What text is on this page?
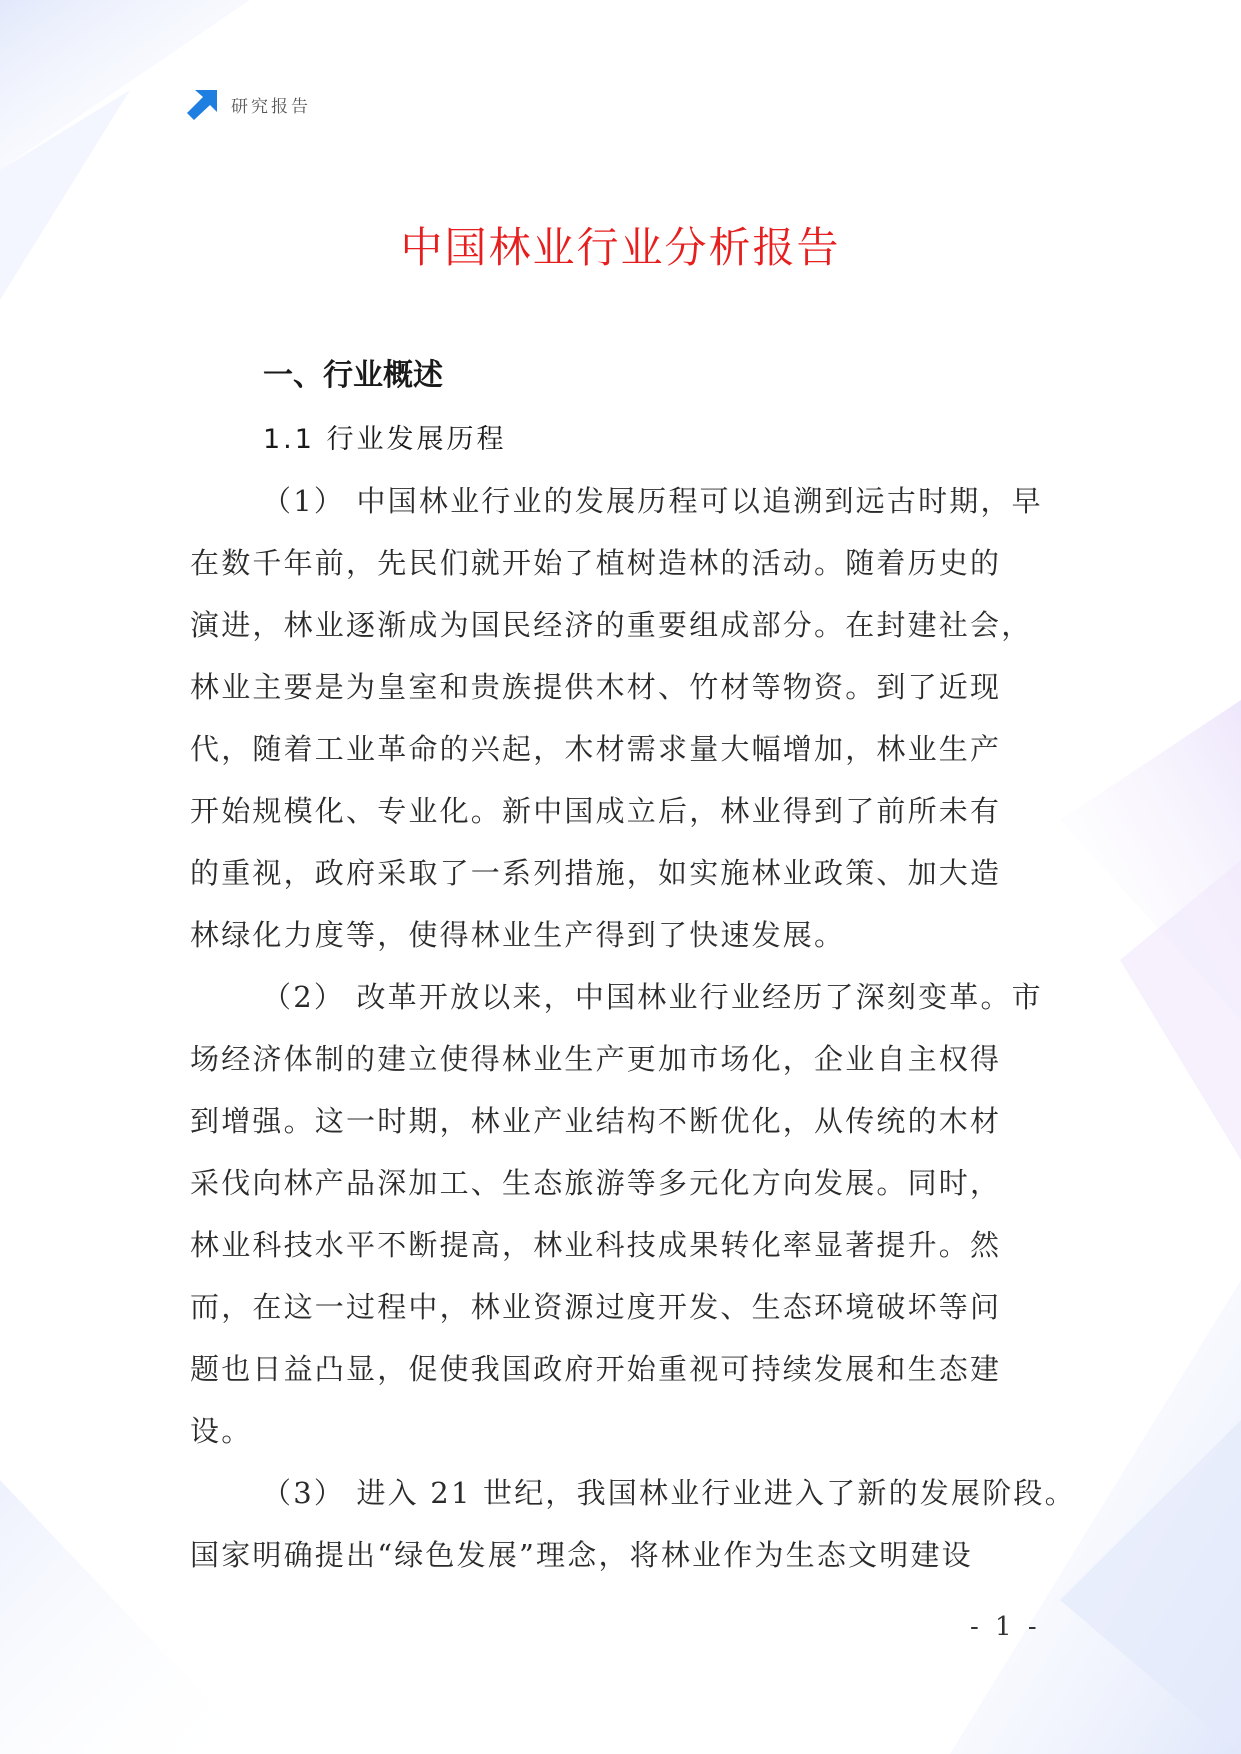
研究报告
中国林业行业分析报告
一、行业概述
1.1 行业发展历程

（1） 中国林业行业的发展历程可以追溯到远古时期，早
在数千年前，先民们就开始了植树造林的活动。随着历史的
演进，林业逐渐成为国民经济的重要组成部分。在封建社会，
林业主要是为皇室和贵族提供木材、竹材等物资。到了近现
代，随着工业革命的兴起，木材需求量大幅增加，林业生产
开始规模化、专业化。新中国成立后，林业得到了前所未有
的重视，政府采取了一系列措施，如实施林业政策、加大造
林绿化力度等，使得林业生产得到了快速发展。

（2） 改革开放以来，中国林业行业经历了深刻变革。市
场经济体制的建立使得林业生产更加市场化，企业自主权得
到增强。这一时期，林业产业结构不断优化，从传统的木材
采伐向林产品深加工、生态旅游等多元化方向发展。同时，
林业科技水平不断提高，林业科技成果转化率显著提升。然
而，在这一过程中，林业资源过度开发、生态环境破坏等问
题也日益凸显，促使我国政府开始重视可持续发展和生态建
设。

（3） 进入 21 世纪，我国林业行业进入了新的发展阶段。
国家明确提出“绿色发展”理念，将林业作为生态文明建设

- 1 -
